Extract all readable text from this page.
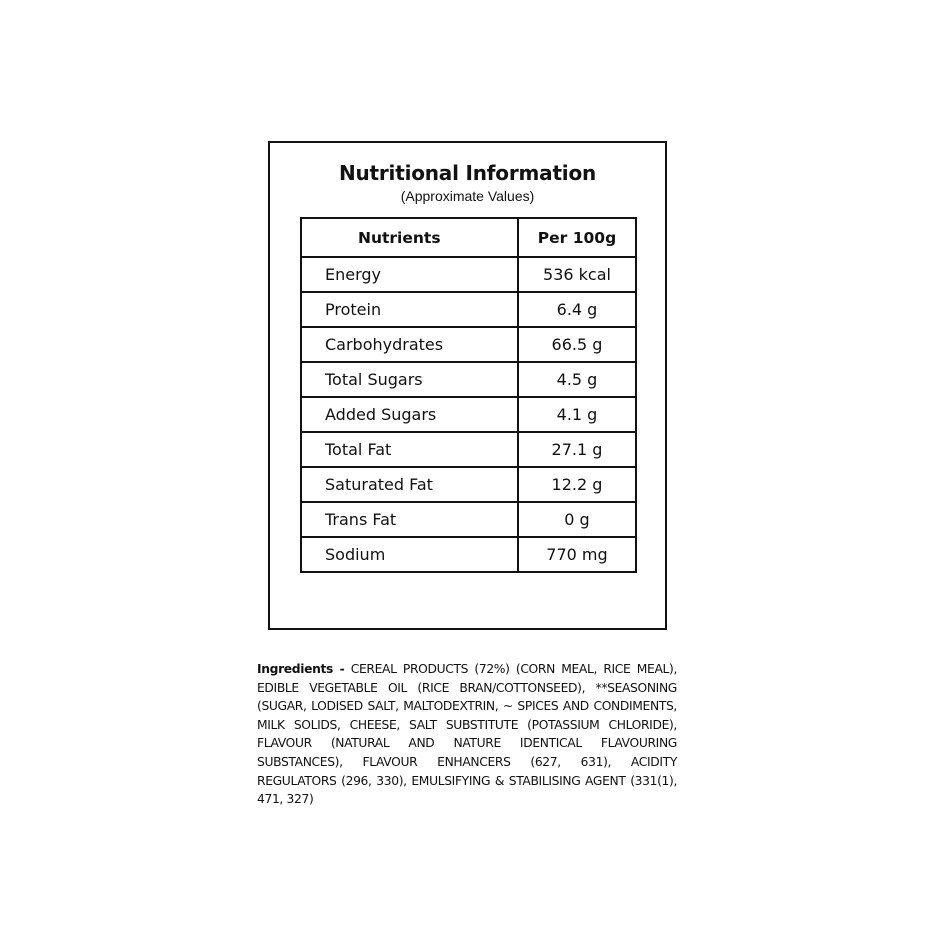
Nutritional Information
(Approximate Values)
Nutrients	Per 100g
Energy	536 kcal
Protein	6.4 g
Carbohydrates	66.5 g
Total Sugars	4.5 g
Added Sugars	4.1 g
Total Fat	27.1 g
Saturated Fat	12.2 g
Trans Fat	0 g
Sodium	770 mg
Ingredients - CEREAL PRODUCTS (72%) (CORN MEAL, RICE MEAL), EDIBLE VEGETABLE OIL (RICE BRAN/COTTONSEED), **SEASONING (SUGAR, LODISED SALT, MALTODEXTRIN, ~ SPICES AND CONDIMENTS, MILK SOLIDS, CHEESE, SALT SUBSTITUTE (POTASSIUM CHLORIDE), FLAVOUR (NATURAL AND NATURE IDENTICAL FLAVOURING SUBSTANCES), FLAVOUR ENHANCERS (627, 631), ACIDITY REGULATORS (296, 330), EMULSIFYING & STABILISING AGENT (331(1), 471, 327)
